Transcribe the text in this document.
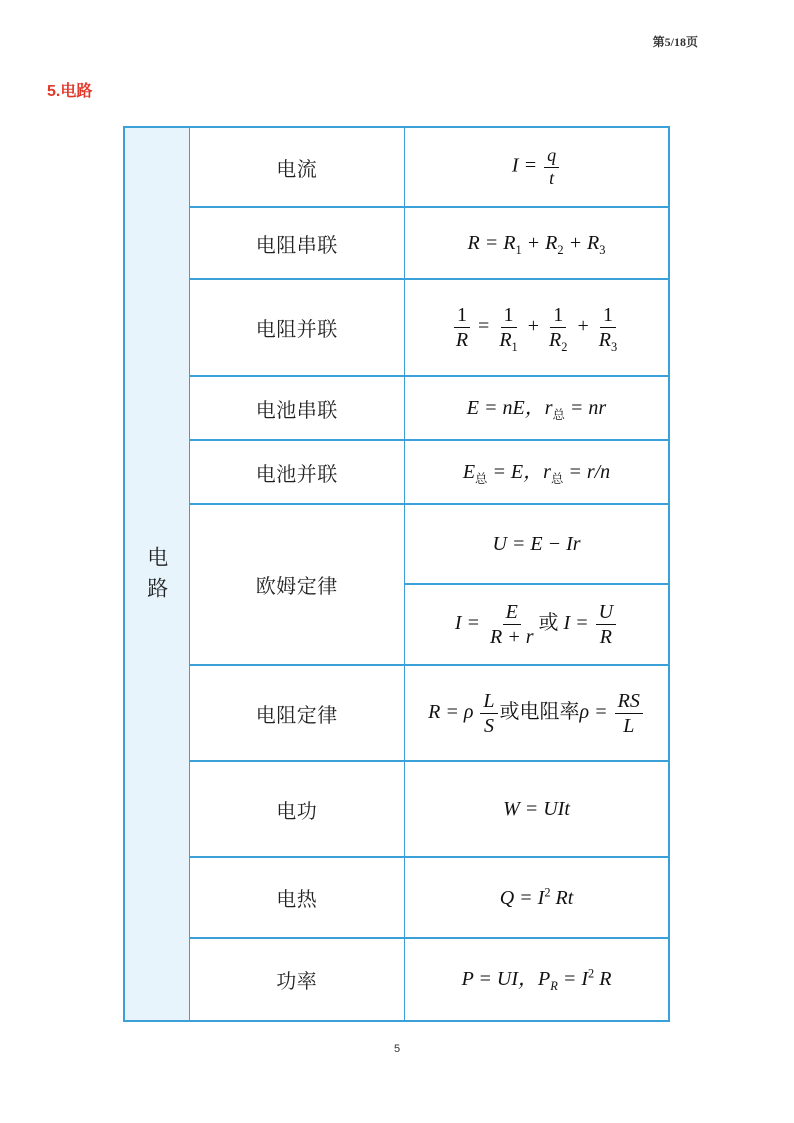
第5/18页
5.电路
电路
电流	$I = \frac{q}{t}$
电阻串联	$R = R_1 + R_2 + R_3$
电阻并联	$\frac{1}{R} = \frac{1}{R_1} + \frac{1}{R_2} + \frac{1}{R_3}$
电池串联	E = nE，$r_总$ = nr
电池并联	$E_总 = E$，$r_总 = r/n$
欧姆定律
U = E − Ir
$I = \frac{E}{R + r}$ 或 $I = \frac{U}{R}$
电阻定律	R = ρ $\frac{L}{S}$ 或电阻率$\rho = \frac{RS}{L}$
电功	W = UIt
电热	$Q = I^2$ Rt
功率	P = UI，$P_R = I^2$ R
5
